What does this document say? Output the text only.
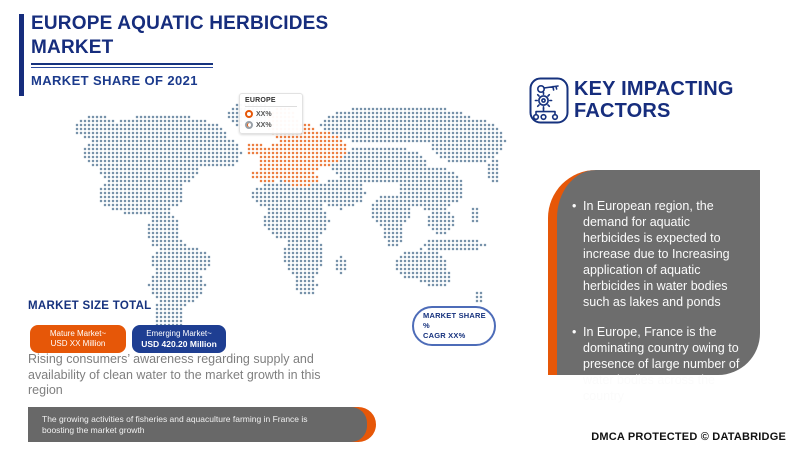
EUROPE AQUATIC HERBICIDES
MARKET
MARKET SHARE OF 2021
EUROPE
XX%
XX%
MARKET SHARE %
CAGR XX%
MARKET SIZE TOTAL
Mature Market~
USD XX Million
Emerging Market~
USD 420.20 Million
Rising consumers’ awareness regarding supply and availability of clean water to the market growth in this region
The growing activities of fisheries and aquaculture farming in France is boosting the market growth
KEY IMPACTING
FACTORS
• In European region, the demand for aquatic herbicides is expected to increase due to Increasing application of aquatic herbicides in water bodies such as lakes and ponds
• In Europe, France is the dominating country owing to presence of large number of water bodies across the country
DMCA PROTECTED © DATABRIDGE
